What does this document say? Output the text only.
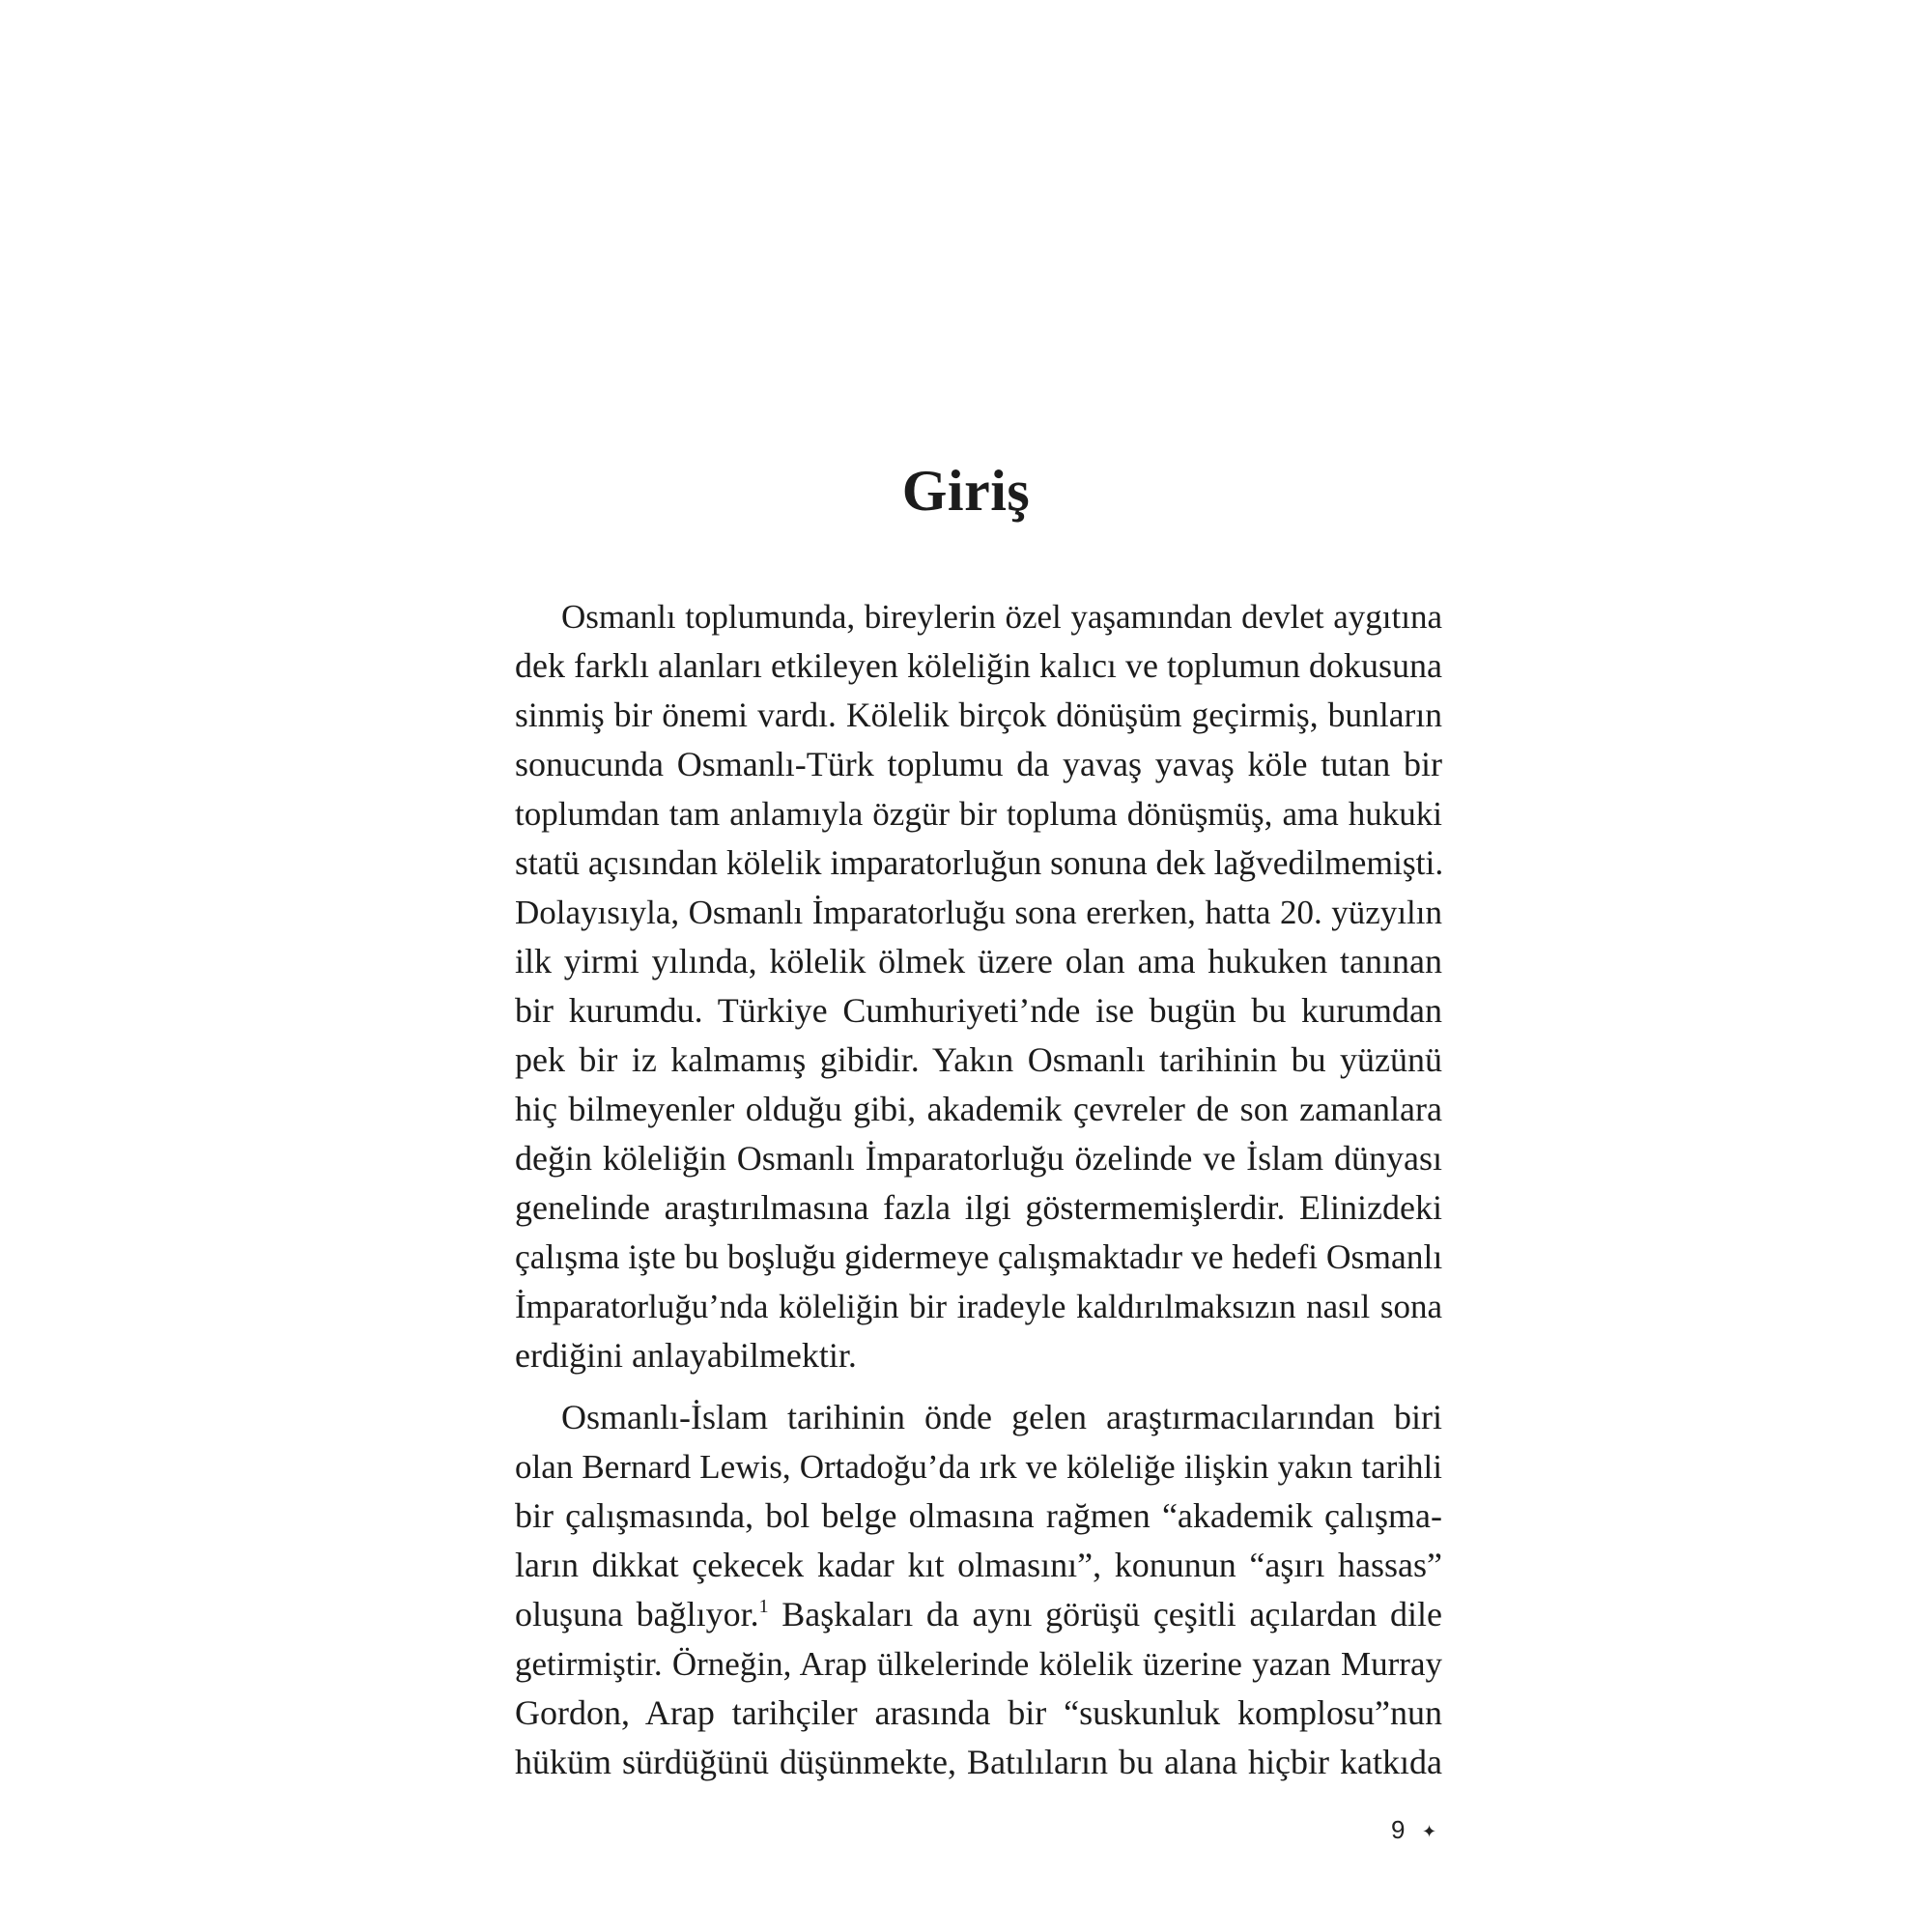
Giriş
Osmanlı toplumunda, bireylerin özel yaşamından devlet aygıtına
dek farklı alanları etkileyen köleliğin kalıcı ve toplumun dokusuna
sinmiş bir önemi vardı. Kölelik birçok dönüşüm geçirmiş, bunların
sonucunda Osmanlı-Türk toplumu da yavaş yavaş köle tutan bir
toplumdan tam anlamıyla özgür bir topluma dönüşmüş, ama hukuki
statü açısından kölelik imparatorluğun sonuna dek lağvedilmemişti.
Dolayısıyla, Osmanlı İmparatorluğu sona ererken, hatta 20. yüzyılın
ilk yirmi yılında, kölelik ölmek üzere olan ama hukuken tanınan
bir kurumdu. Türkiye Cumhuriyeti’nde ise bugün bu kurumdan
pek bir iz kalmamış gibidir. Yakın Osmanlı tarihinin bu yüzünü
hiç bilmeyenler olduğu gibi, akademik çevreler de son zamanlara
değin köleliğin Osmanlı İmparatorluğu özelinde ve İslam dünyası
genelinde araştırılmasına fazla ilgi göstermemişlerdir. Elinizdeki
çalışma işte bu boşluğu gidermeye çalışmaktadır ve hedefi Osmanlı
İmparatorluğu’nda köleliğin bir iradeyle kaldırılmaksızın nasıl sona
erdiğini anlayabilmektir.
Osmanlı-İslam tarihinin önde gelen araştırmacılarından biri
olan Bernard Lewis, Ortadoğu’da ırk ve köleliğe ilişkin yakın tarihli
bir çalışmasında, bol belge olmasına rağmen “akademik çalışma-
ların dikkat çekecek kadar kıt olmasını”, konunun “aşırı hassas”
oluşuna bağlıyor.$^1$ Başkaları da aynı görüşü çeşitli açılardan dile
getirmiştir. Örneğin, Arap ülkelerinde kölelik üzerine yazan Murray
Gordon, Arap tarihçiler arasında bir “suskunluk komplosu”nun
hüküm sürdüğünü düşünmekte, Batılıların bu alana hiçbir katkıda
9 ✦
